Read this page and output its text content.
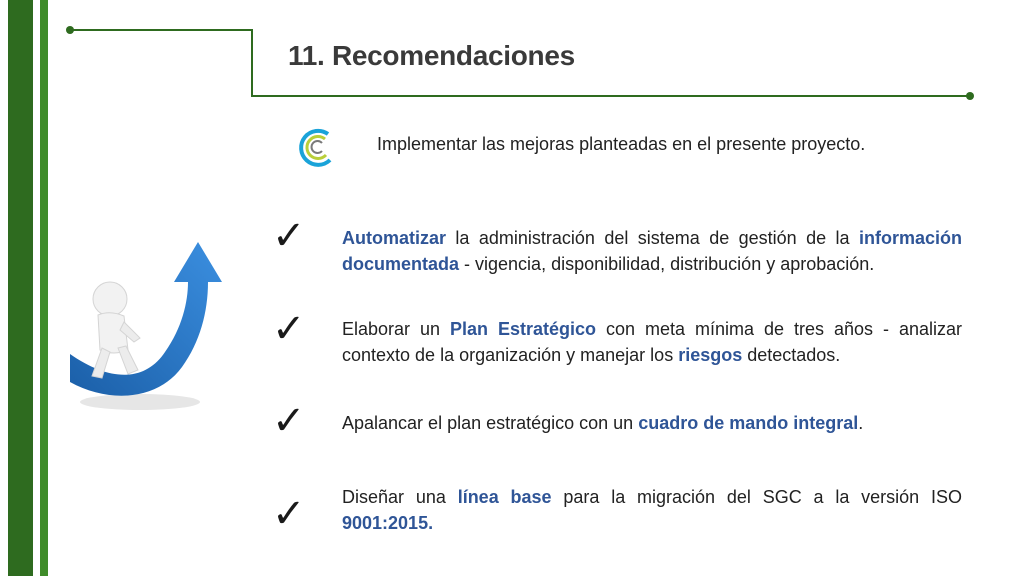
11. Recomendaciones
Implementar las mejoras planteadas en el presente proyecto.
✓
✓
✓
✓
Automatizar la administración del sistema de gestión de la información documentada - vigencia, disponibilidad, distribución y aprobación.
Elaborar un Plan Estratégico con meta mínima de tres años - analizar contexto de la organización y manejar los riesgos detectados.
Apalancar el plan estratégico con un cuadro de mando integral.
Diseñar una línea base para la migración del SGC a la versión ISO 9001:2015.
